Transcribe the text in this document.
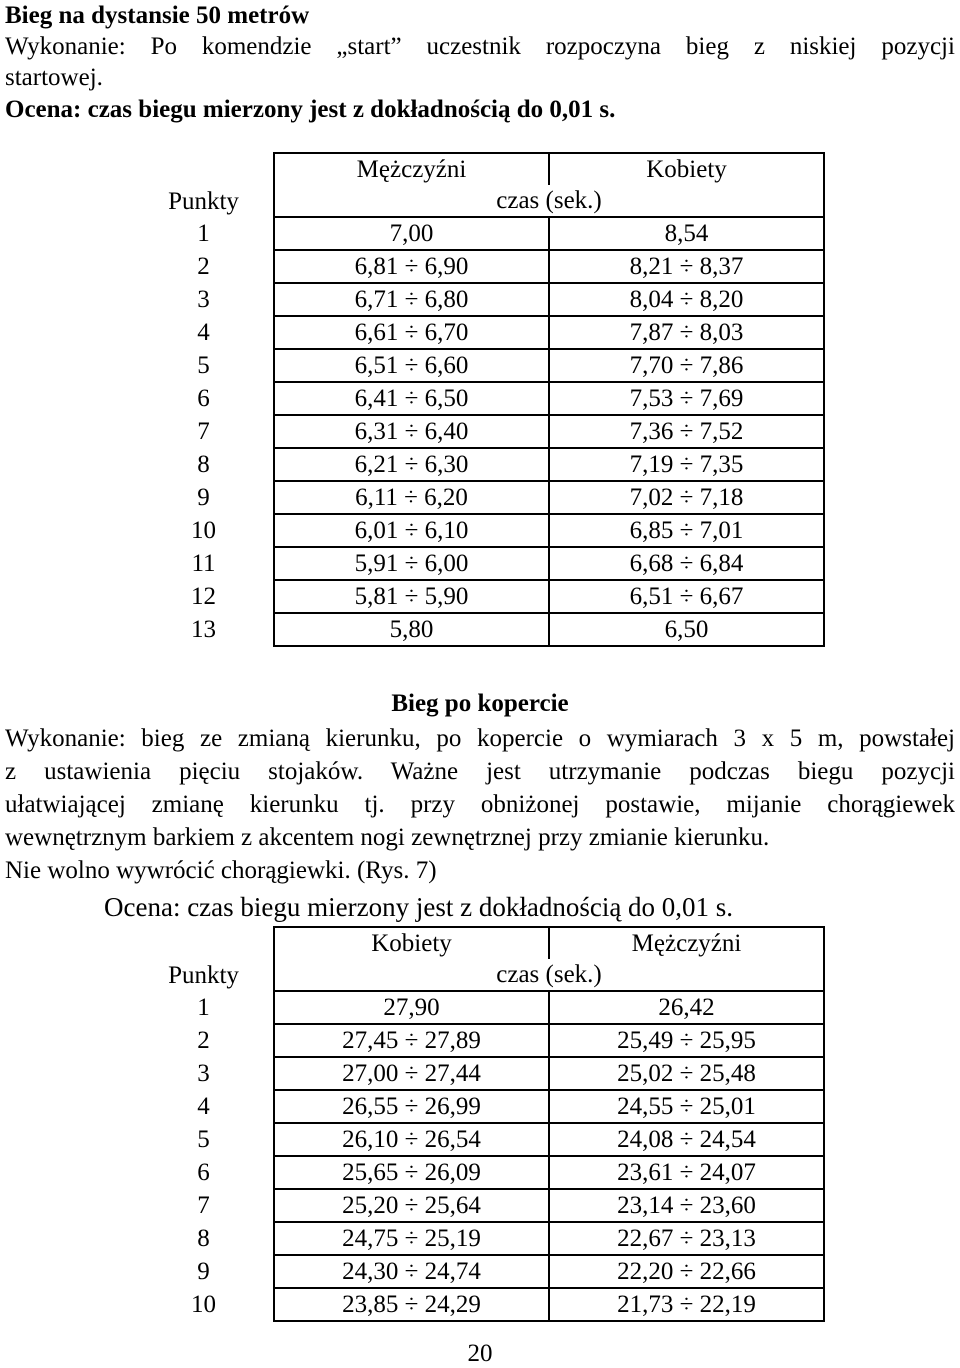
Bieg na dystansie 50 metrów
Wykonanie: Po komendzie „start” uczestnik rozpoczyna bieg z niskiej pozycji
startowej.
Ocena: czas biegu mierzony jest z dokładnością do 0,01 s.
	Mężczyźni	Kobiety
Punkty	czas (sek.)	
1	7,00	8,54
2	6,81 ÷ 6,90	8,21 ÷ 8,37
3	6,71 ÷ 6,80	8,04 ÷ 8,20
4	6,61 ÷ 6,70	7,87 ÷ 8,03
5	6,51 ÷ 6,60	7,70 ÷ 7,86
6	6,41 ÷ 6,50	7,53 ÷ 7,69
7	6,31 ÷ 6,40	7,36 ÷ 7,52
8	6,21 ÷ 6,30	7,19 ÷ 7,35
9	6,11 ÷ 6,20	7,02 ÷ 7,18
10	6,01 ÷ 6,10	6,85 ÷ 7,01
11	5,91 ÷ 6,00	6,68 ÷ 6,84
12	5,81 ÷ 5,90	6,51 ÷ 6,67
13	5,80	6,50
Bieg po kopercie
Wykonanie: bieg ze zmianą kierunku, po kopercie o wymiarach 3 x 5 m, powstałej
z ustawienia pięciu stojaków. Ważne jest utrzymanie podczas biegu pozycji
ułatwiającej zmianę kierunku tj. przy obniżonej postawie, mijanie chorągiewek
wewnętrznym barkiem z akcentem nogi zewnętrznej przy zmianie kierunku.
Nie wolno wywrócić chorągiewki. (Rys. 7)
Ocena: czas biegu mierzony jest z dokładnością do 0,01 s.
	Kobiety	Mężczyźni
Punkty	czas (sek.)	
1	27,90	26,42
2	27,45 ÷ 27,89	25,49 ÷ 25,95
3	27,00 ÷ 27,44	25,02 ÷ 25,48
4	26,55 ÷ 26,99	24,55 ÷ 25,01
5	26,10 ÷ 26,54	24,08 ÷ 24,54
6	25,65 ÷ 26,09	23,61 ÷ 24,07
7	25,20 ÷ 25,64	23,14 ÷ 23,60
8	24,75 ÷ 25,19	22,67 ÷ 23,13
9	24,30 ÷ 24,74	22,20 ÷ 22,66
10	23,85 ÷ 24,29	21,73 ÷ 22,19
20
